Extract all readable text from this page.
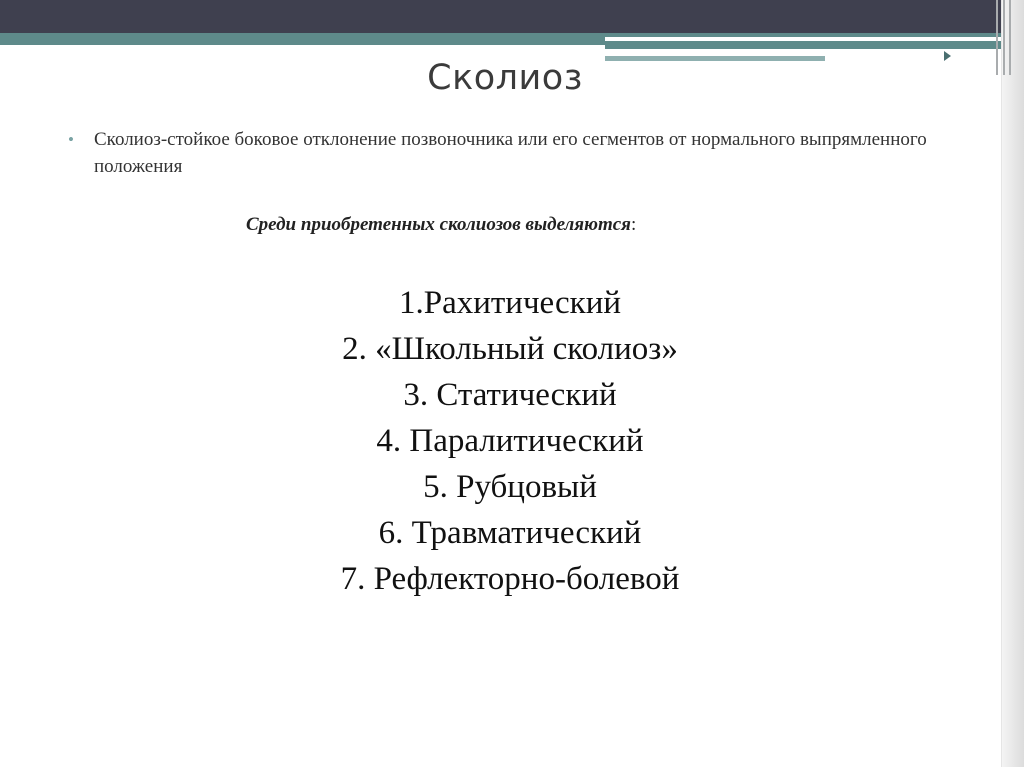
Сколиоз
•	Сколиоз-стойкое боковое отклонение позвоночника или его сегментов от нормального выпрямленного положения
Среди приобретенных сколиозов выделяются:
1.Рахитический
2. «Школьный сколиоз»
3. Статический
4. Паралитический
5. Рубцовый
6. Травматический
7. Рефлекторно-болевой
